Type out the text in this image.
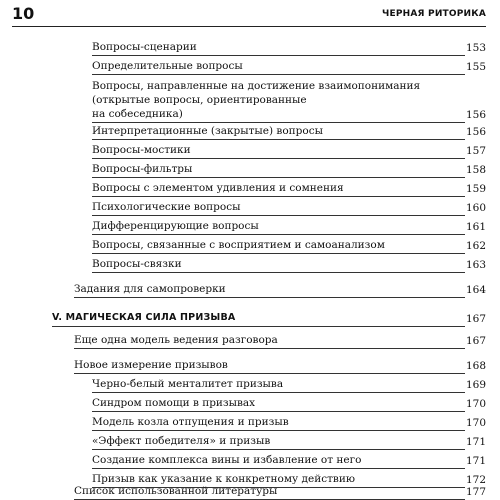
10	ЧЕРНАЯ РИТОРИКА
Вопросы-сценарии	153
Определительные вопросы	155
Вопросы, направленные на достижение взаимопонимания
(открытые вопросы, ориентированные
на собеседника)	156
Интерпретационные (закрытые) вопросы	156
Вопросы-мостики	157
Вопросы-фильтры	158
Вопросы с элементом удивления и сомнения	159
Психологические вопросы	160
Дифференцирующие вопросы	161
Вопросы, связанные с восприятием и самоанализом	162
Вопросы-связки	163
Задания для самопроверки	164
V. МАГИЧЕСКАЯ СИЛА ПРИЗЫВА	167
Еще одна модель ведения разговора	167
Новое измерение призывов	168
Черно-белый менталитет призыва	169
Синдром помощи в призывах	170
Модель козла отпущения и призыв	170
«Эффект победителя» и призыв	171
Создание комплекса вины и избавление от него	171
Призыв как указание к конкретному действию	172
Список использованной литературы	177
